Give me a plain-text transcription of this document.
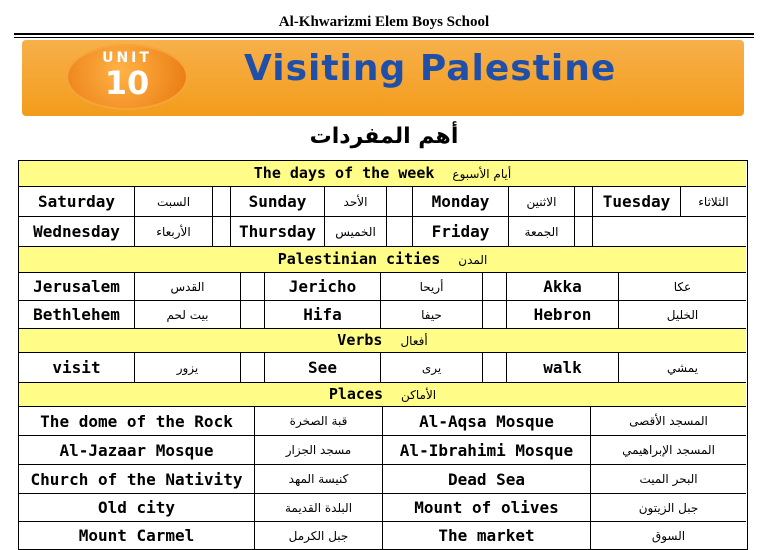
Al-Khwarizmi Elem Boys School
UNIT
10	Visiting Palestine
أهم المفردات
The days of the week أيام الأسبوع
Saturday	السبت	Sunday	الأحد	Monday	الاثنين	Tuesday	الثلاثاء
Wednesday	الأربعاء	Thursday	الخميس	Friday	الجمعة
Palestinian cities المدن
Jerusalem	القدس	Jericho	أريحا	Akka	عكا
Bethlehem	بيت لحم	Hifa	حيفا	Hebron	الخليل
Verbs أفعال
visit	يزور	See	يرى	walk	يمشي
Places الأماكن
The dome of the Rock	قبة الصخرة	Al-Aqsa Mosque	المسجد الأقصى
Al-Jazaar Mosque	مسجد الجزار	Al-Ibrahimi Mosque	المسجد الإبراهيمي
Church of the Nativity	كنيسة المهد	Dead Sea	البحر الميت
Old city	البلدة القديمة	Mount of olives	جبل الزيتون
Mount Carmel	جبل الكرمل	The market	السوق
